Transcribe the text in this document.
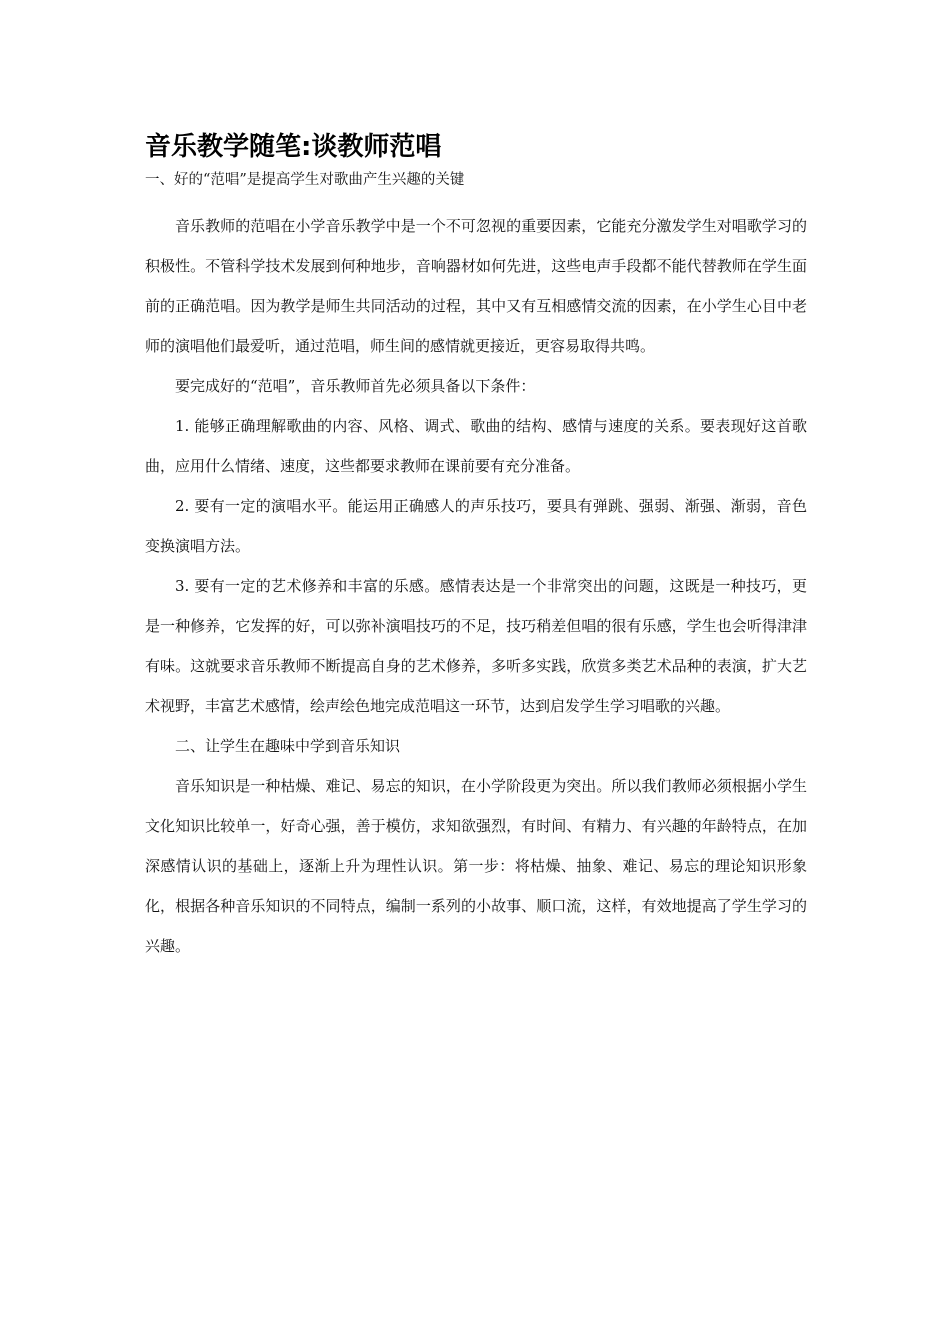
音乐教学随笔:谈教师范唱
一、好的“范唱”是提高学生对歌曲产生兴趣的关键

音乐教师的范唱在小学音乐教学中是一个不可忽视的重要因素，它能充分激发学生对唱歌学习的积极性。不管科学技术发展到何种地步，音响器材如何先进，这些电声手段都不能代替教师在学生面前的正确范唱。因为教学是师生共同活动的过程，其中又有互相感情交流的因素，在小学生心目中老师的演唱他们最爱听，通过范唱，师生间的感情就更接近，更容易取得共鸣。

要完成好的“范唱”，音乐教师首先必须具备以下条件：

1. 能够正确理解歌曲的内容、风格、调式、歌曲的结构、感情与速度的关系。要表现好这首歌曲，应用什么情绪、速度，这些都要求教师在课前要有充分准备。

2. 要有一定的演唱水平。能运用正确感人的声乐技巧，要具有弹跳、强弱、渐强、渐弱，音色变换演唱方法。

3. 要有一定的艺术修养和丰富的乐感。感情表达是一个非常突出的问题，这既是一种技巧，更是一种修养，它发挥的好，可以弥补演唱技巧的不足，技巧稍差但唱的很有乐感，学生也会听得津津有味。这就要求音乐教师不断提高自身的艺术修养，多听多实践，欣赏多类艺术品种的表演，扩大艺术视野，丰富艺术感情，绘声绘色地完成范唱这一环节，达到启发学生学习唱歌的兴趣。

二、让学生在趣味中学到音乐知识

音乐知识是一种枯燥、难记、易忘的知识，在小学阶段更为突出。所以我们教师必须根据小学生文化知识比较单一，好奇心强，善于模仿，求知欲强烈，有时间、有精力、有兴趣的年龄特点，在加深感情认识的基础上，逐渐上升为理性认识。第一步：将枯燥、抽象、难记、易忘的理论知识形象化，根据各种音乐知识的不同特点，编制一系列的小故事、顺口流，这样，有效地提高了学生学习的兴趣。
